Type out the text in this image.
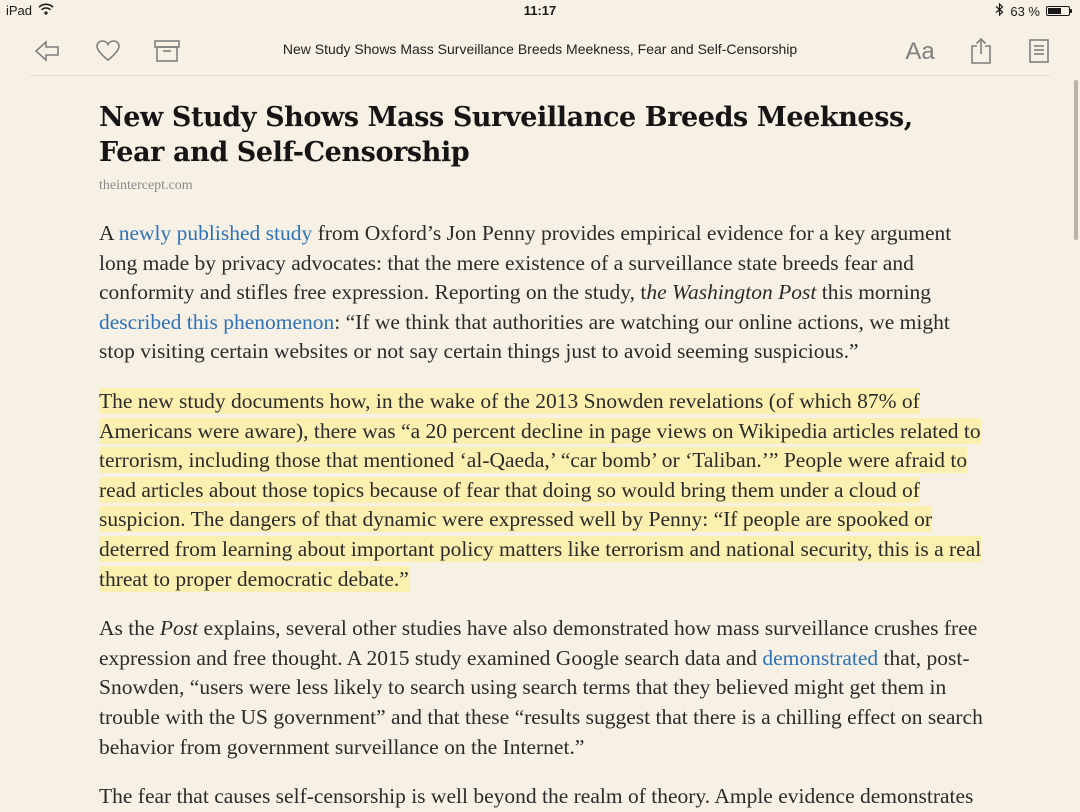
iPad	11:17	63 %
New Study Shows Mass Surveillance Breeds Meekness, Fear and Self-Censorship	Aa
New Study Shows Mass Surveillance Breeds Meekness, Fear and Self-Censorship
theintercept.com

A newly published study from Oxford’s Jon Penny provides empirical evidence for a key argument long made by privacy advocates: that the mere existence of a surveillance state breeds fear and conformity and stifles free expression. Reporting on the study, the Washington Post this morning described this phenomenon: “If we think that authorities are watching our online actions, we might stop visiting certain websites or not say certain things just to avoid seeming suspicious.”

The new study documents how, in the wake of the 2013 Snowden revelations (of which 87% of Americans were aware), there was “a 20 percent decline in page views on Wikipedia articles related to terrorism, including those that mentioned ‘al-Qaeda,’ “car bomb’ or ‘Taliban.’” People were afraid to read articles about those topics because of fear that doing so would bring them under a cloud of suspicion. The dangers of that dynamic were expressed well by Penny: “If people are spooked or deterred from learning about important policy matters like terrorism and national security, this is a real threat to proper democratic debate.”

As the Post explains, several other studies have also demonstrated how mass surveillance crushes free expression and free thought. A 2015 study examined Google search data and demonstrated that, post-Snowden, “users were less likely to search using search terms that they believed might get them in trouble with the US government” and that these “results suggest that there is a chilling effect on search behavior from government surveillance on the Internet.”

The fear that causes self-censorship is well beyond the realm of theory. Ample evidence demonstrates
